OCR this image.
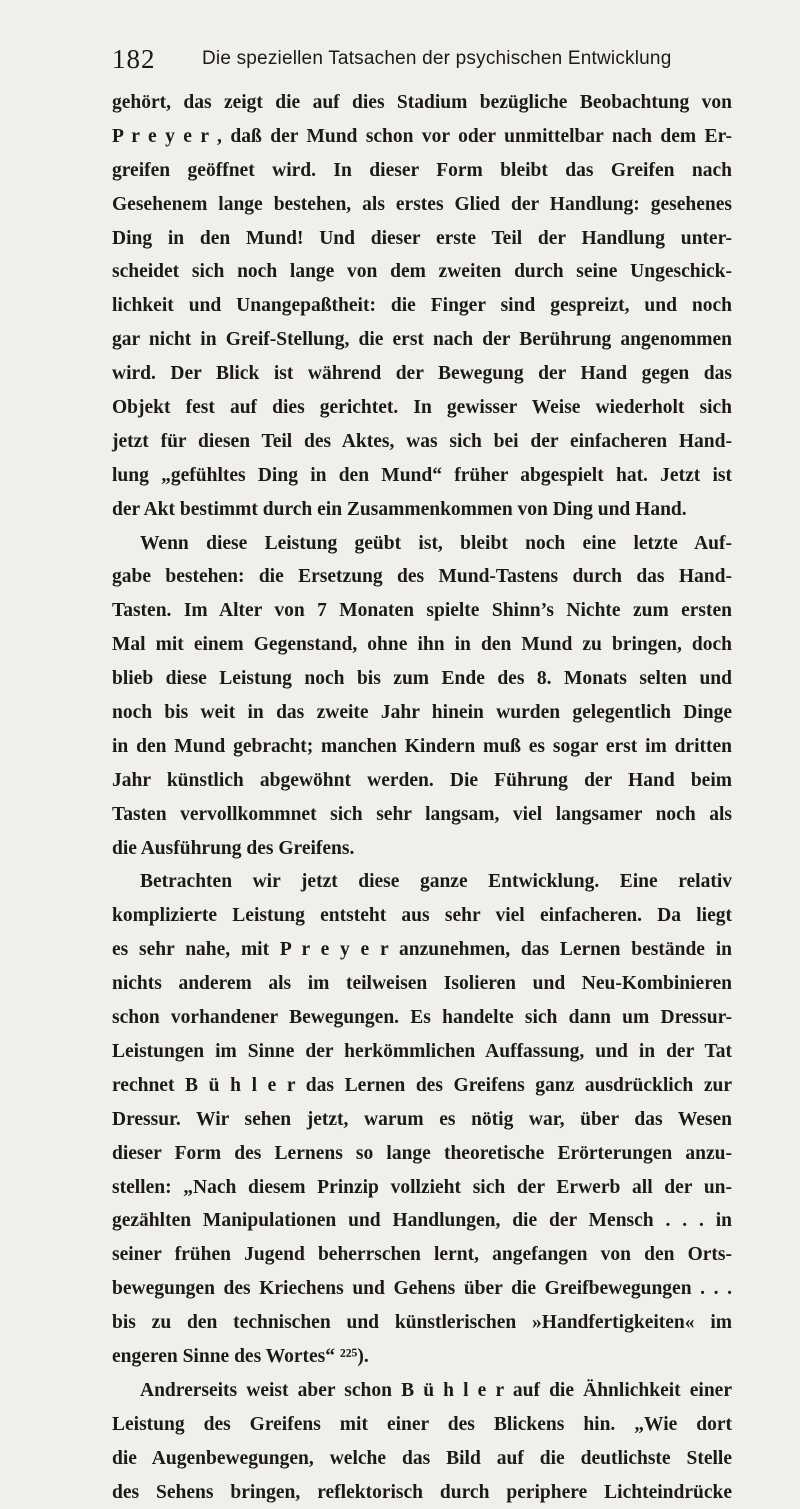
182 Die speziellen Tatsachen der psychischen Entwicklung
gehört, das zeigt die auf dies Stadium bezügliche Beobachtung von
P r e y e r , daß der Mund schon vor oder unmittelbar nach dem Er-
greifen geöffnet wird. In dieser Form bleibt das Greifen nach
Gesehenem lange bestehen, als erstes Glied der Handlung: gesehenes
Ding in den Mund! Und dieser erste Teil der Handlung unter-
scheidet sich noch lange von dem zweiten durch seine Ungeschick-
lichkeit und Unangepaßtheit: die Finger sind gespreizt, und noch
gar nicht in Greif-Stellung, die erst nach der Berührung angenommen
wird. Der Blick ist während der Bewegung der Hand gegen das
Objekt fest auf dies gerichtet. In gewisser Weise wiederholt sich
jetzt für diesen Teil des Aktes, was sich bei der einfacheren Hand-
lung „gefühltes Ding in den Mund“ früher abgespielt hat. Jetzt ist
der Akt bestimmt durch ein Zusammenkommen von Ding und Hand.
Wenn diese Leistung geübt ist, bleibt noch eine letzte Auf-
gabe bestehen: die Ersetzung des Mund-Tastens durch das Hand-
Tasten. Im Alter von 7 Monaten spielte Shinn’s Nichte zum ersten
Mal mit einem Gegenstand, ohne ihn in den Mund zu bringen, doch
blieb diese Leistung noch bis zum Ende des 8. Monats selten und
noch bis weit in das zweite Jahr hinein wurden gelegentlich Dinge
in den Mund gebracht; manchen Kindern muß es sogar erst im dritten
Jahr künstlich abgewöhnt werden. Die Führung der Hand beim
Tasten vervollkommnet sich sehr langsam, viel langsamer noch als
die Ausführung des Greifens.
Betrachten wir jetzt diese ganze Entwicklung. Eine relativ
komplizierte Leistung entsteht aus sehr viel einfacheren. Da liegt
es sehr nahe, mit P r e y e r anzunehmen, das Lernen bestände in
nichts anderem als im teilweisen Isolieren und Neu-Kombinieren
schon vorhandener Bewegungen. Es handelte sich dann um Dressur-
Leistungen im Sinne der herkömmlichen Auffassung, und in der Tat
rechnet B ü h l e r das Lernen des Greifens ganz ausdrücklich zur
Dressur. Wir sehen jetzt, warum es nötig war, über das Wesen
dieser Form des Lernens so lange theoretische Erörterungen anzu-
stellen: „Nach diesem Prinzip vollzieht sich der Erwerb all der un-
gezählten Manipulationen und Handlungen, die der Mensch . . . in
seiner frühen Jugend beherrschen lernt, angefangen von den Orts-
bewegungen des Kriechens und Gehens über die Greifbewegungen . . .
bis zu den technischen und künstlerischen »Handfertigkeiten« im
engeren Sinne des Wortes“ ²²⁵).
Andrerseits weist aber schon B ü h l e r auf die Ähnlichkeit einer
Leistung des Greifens mit einer des Blickens hin. „Wie dort
die Augenbewegungen, welche das Bild auf die deutlichste Stelle
des Sehens bringen, reflektorisch durch periphere Lichteindrücke
